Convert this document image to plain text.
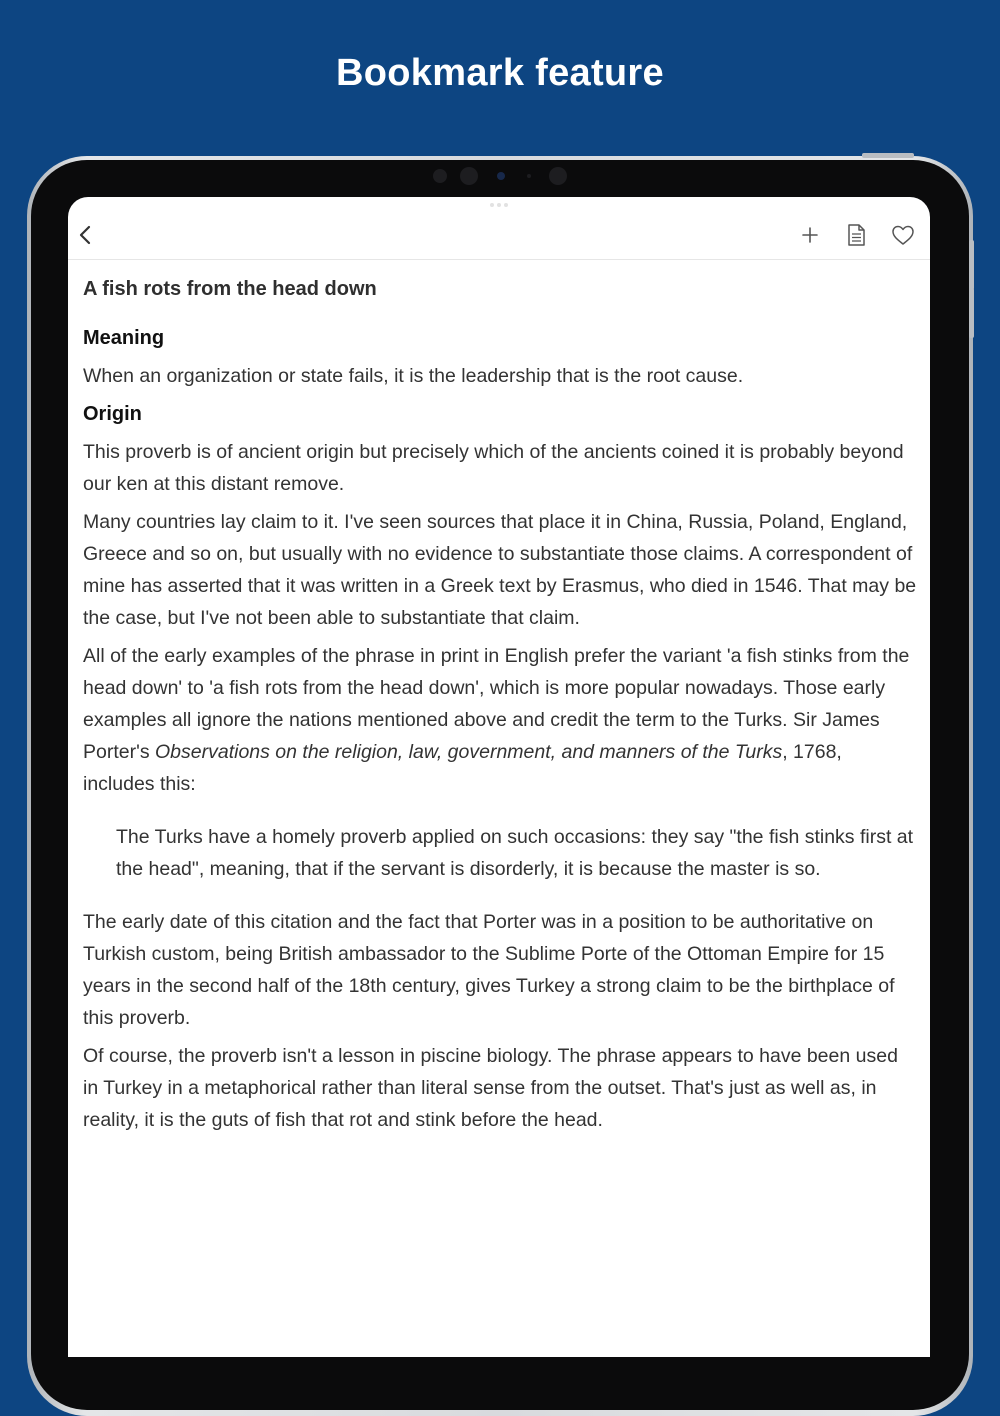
Bookmark feature
A fish rots from the head down
Meaning

When an organization or state fails, it is the leadership that is the root cause.

Origin

This proverb is of ancient origin but precisely which of the ancients coined it is probably beyond our ken at this distant remove.

Many countries lay claim to it. I've seen sources that place it in China, Russia, Poland, England, Greece and so on, but usually with no evidence to substantiate those claims. A correspondent of mine has asserted that it was written in a Greek text by Erasmus, who died in 1546. That may be the case, but I've not been able to substantiate that claim.

All of the early examples of the phrase in print in English prefer the variant 'a fish stinks from the head down' to 'a fish rots from the head down', which is more popular nowadays. Those early examples all ignore the nations mentioned above and credit the term to the Turks. Sir James Porter's Observations on the religion, law, government, and manners of the Turks, 1768, includes this:

The Turks have a homely proverb applied on such occasions: they say "the fish stinks first at the head", meaning, that if the servant is disorderly, it is because the master is so.

The early date of this citation and the fact that Porter was in a position to be authoritative on Turkish custom, being British ambassador to the Sublime Porte of the Ottoman Empire for 15 years in the second half of the 18th century, gives Turkey a strong claim to be the birthplace of this proverb.

Of course, the proverb isn't a lesson in piscine biology. The phrase appears to have been used in Turkey in a metaphorical rather than literal sense from the outset. That's just as well as, in reality, it is the guts of fish that rot and stink before the head.
